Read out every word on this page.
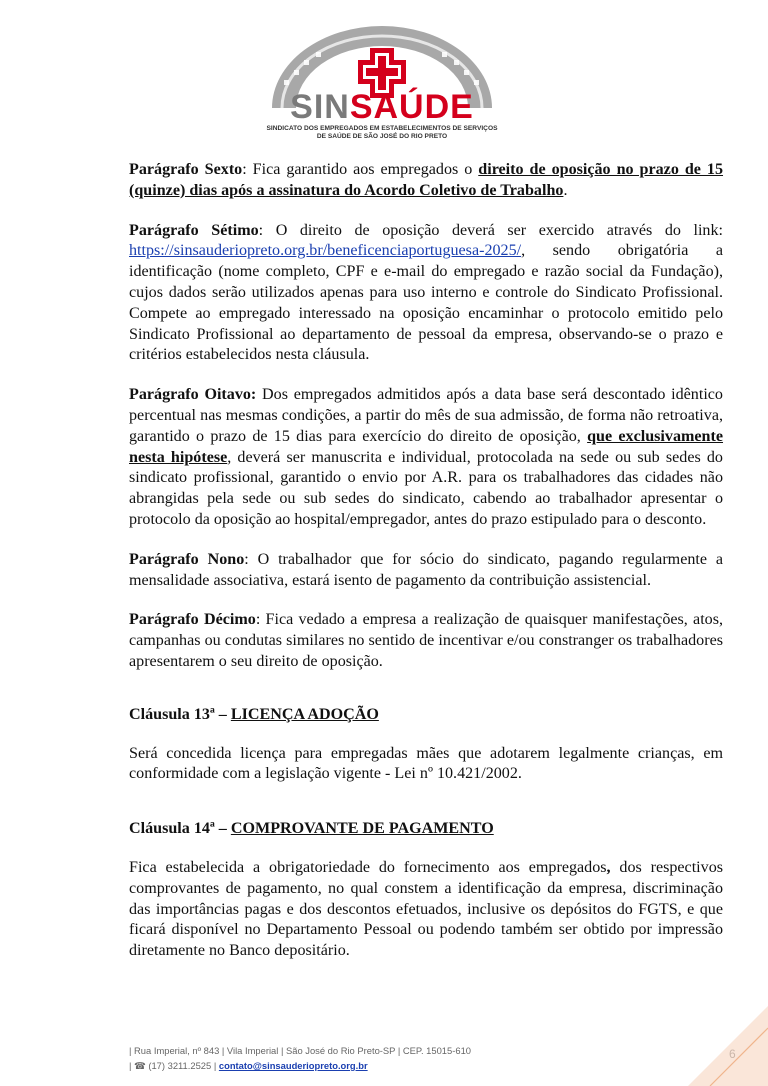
SINSAÚDE
SINDICATO DOS EMPREGADOS EM ESTABELECIMENTOS DE SERVIÇOS
DE SAÚDE DE SÃO JOSÉ DO RIO PRETO

Parágrafo Sexto: Fica garantido aos empregados o direito de oposição no prazo de 15 (quinze) dias após a assinatura do Acordo Coletivo de Trabalho.

Parágrafo Sétimo: O direito de oposição deverá ser exercido através do link: https://sinsauderiopreto.org.br/beneficenciaportuguesa-2025/, sendo obrigatória a identificação (nome completo, CPF e e-mail do empregado e razão social da Fundação), cujos dados serão utilizados apenas para uso interno e controle do Sindicato Profissional. Compete ao empregado interessado na oposição encaminhar o protocolo emitido pelo Sindicato Profissional ao departamento de pessoal da empresa, observando-se o prazo e critérios estabelecidos nesta cláusula.

Parágrafo Oitavo: Dos empregados admitidos após a data base será descontado idêntico percentual nas mesmas condições, a partir do mês de sua admissão, de forma não retroativa, garantido o prazo de 15 dias para exercício do direito de oposição, que exclusivamente nesta hipótese, deverá ser manuscrita e individual, protocolada na sede ou sub sedes do sindicato profissional, garantido o envio por A.R. para os trabalhadores das cidades não abrangidas pela sede ou sub sedes do sindicato, cabendo ao trabalhador apresentar o protocolo da oposição ao hospital/empregador, antes do prazo estipulado para o desconto.

Parágrafo Nono: O trabalhador que for sócio do sindicato, pagando regularmente a mensalidade associativa, estará isento de pagamento da contribuição assistencial.

Parágrafo Décimo: Fica vedado a empresa a realização de quaisquer manifestações, atos, campanhas ou condutas similares no sentido de incentivar e/ou constranger os trabalhadores apresentarem o seu direito de oposição.

Cláusula 13ª – LICENÇA ADOÇÃO

Será concedida licença para empregadas mães que adotarem legalmente crianças, em conformidade com a legislação vigente - Lei nº 10.421/2002.

Cláusula 14ª – COMPROVANTE DE PAGAMENTO

Fica estabelecida a obrigatoriedade do fornecimento aos empregados, dos respectivos comprovantes de pagamento, no qual constem a identificação da empresa, discriminação das importâncias pagas e dos descontos efetuados, inclusive os depósitos do FGTS, e que ficará disponível no Departamento Pessoal ou podendo também ser obtido por impressão diretamente no Banco depositário.

| Rua Imperial, nº 843 | Vila Imperial | São José do Rio Preto-SP | CEP. 15015-610
| ☎ (17) 3211.2525 | contato@sinsauderiopreto.org.br
